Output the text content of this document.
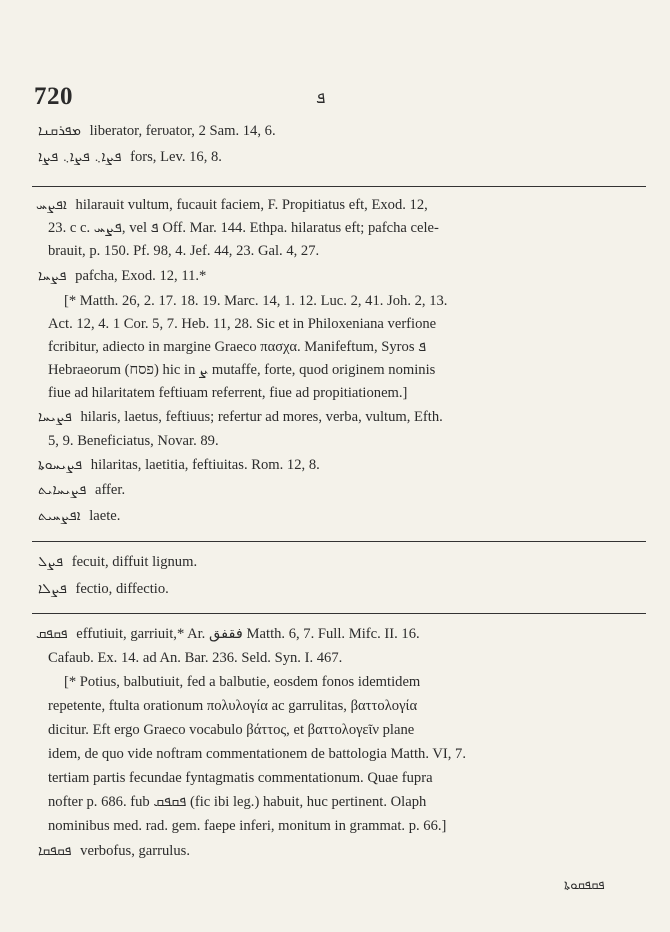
720	ܦ
ܡܦܪܩܢܐ liberator, ferυator, 2 Sam. 14, 6.
ܦܨܐ܆ ܦܨܐ܆ ܦܨܐ fors, Lev. 16, 8.
ܐܦܨܚ hilarauit vultum, fucauit faciem, F. Propitiatus eft, Exod. 12,
23. c c. ܦܨܚ, vel ܦ Off. Mar. 144. Ethpa. hilaratus eft; pafcha cele-
brauit, p. 150. Pf. 98, 4. Jef. 44, 23. Gal. 4, 27.
ܦܨܚܐ pafcha, Exod. 12, 11.*
[* Matth. 26, 2. 17. 18. 19. Marc. 14, 1. 12. Luc. 2, 41. Joh. 2, 13.
Act. 12, 4. 1 Cor. 5, 7. Heb. 11, 28. Sic et in Philoxeniana verfione
fcribitur, adiecto in margine Graeco πασχα. Manifeftum, Syros ܦ
Hebraeorum (פסח) hic in ܨ mutaffe, forte, quod originem nominis
fiue ad hilaritatem feftiuam referrent, fiue ad propitiationem.]
ܦܨܝܚܐ hilaris, laetus, feftiuus; refertur ad mores, verba, vultum, Efth.
5, 9. Beneficiatus, Novar. 89.
ܦܨܝܚܘܬܐ hilaritas, laetitia, feftiuitas. Rom. 12, 8.
ܦܨܝܚܐܝܬ affer.
ܐܦܨܚܝܬ laete.
ܦܨܠ fecuit, diffuit lignum.
ܦܨܠܐ fectio, diffectio.
ܦܩܦܩ effutiuit, garriuit,* Ar. فقفق Matth. 6, 7. Full. Mifc. II. 16.
Cafaub. Ex. 14. ad An. Bar. 236. Seld. Syn. I. 467.
[* Potius, balbutiuit, fed a balbutie, eosdem fonos idemtidem
repetente, ftulta orationum πολυλογία ac garrulitas, βαττολογία
dicitur. Eft ergo Graeco vocabulo βάττος, et βαττολογεῖν plane
idem, de quo vide noftram commentationem de battologia Matth. VI, 7.
tertiam partis fecundae fyntagmatis commentationum. Quae fupra
nofter p. 686. fub ܦܩܦܩ (fic ibi leg.) habuit, huc pertinent. Olaph
nominibus med. rad. gem. faepe inferi, monitum in grammat. p. 66.]
ܦܩܦܩܐ verbofus, garrulus.
ܦܩܦܩܘܬܐ
